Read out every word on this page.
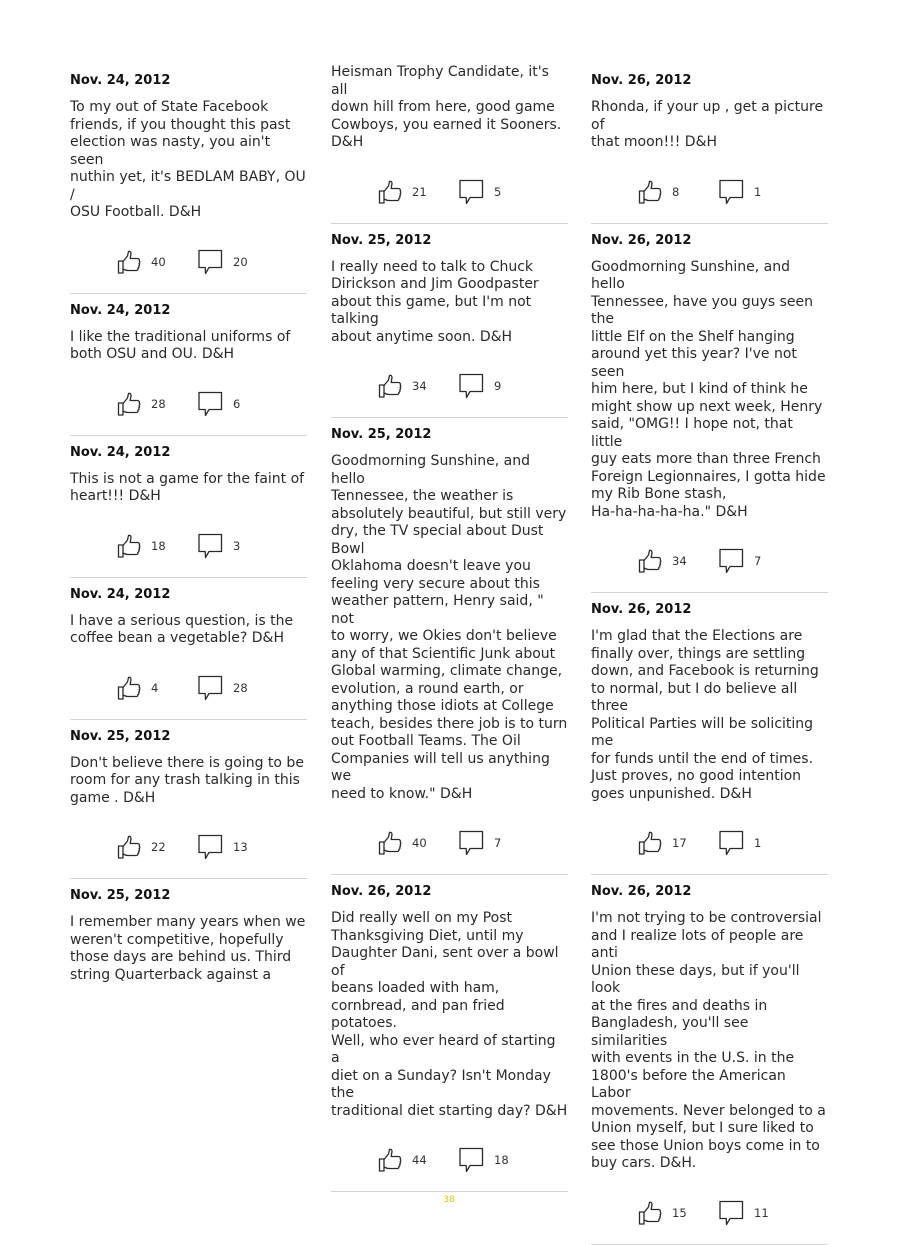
Nov. 24, 2012
To my out of State Facebook
friends, if you thought this past
election was nasty, you ain't seen
nuthin yet, it's BEDLAM BABY, OU /
OSU Football. D&H
40	20
Nov. 24, 2012
I like the traditional uniforms of
both OSU and OU. D&H
28	6
Nov. 24, 2012
This is not a game for the faint of
heart!!! D&H
18	3
Nov. 24, 2012
I have a serious question, is the
coffee bean a vegetable? D&H
4	28
Nov. 25, 2012
Don't believe there is going to be
room for any trash talking in this
game . D&H
22	13
Nov. 25, 2012
I remember many years when we
weren't competitive, hopefully
those days are behind us. Third
string Quarterback against a
Heisman Trophy Candidate, it's all
down hill from here, good game
Cowboys, you earned it Sooners.
D&H
21	5
Nov. 25, 2012
I really need to talk to Chuck
Dirickson and Jim Goodpaster
about this game, but I'm not talking
about anytime soon. D&H
34	9
Nov. 25, 2012
Goodmorning Sunshine, and hello
Tennessee, the weather is
absolutely beautiful, but still very
dry, the TV special about Dust Bowl
Oklahoma doesn't leave you
feeling very secure about this
weather pattern, Henry said, " not
to worry, we Okies don't believe
any of that Scientific Junk about
Global warming, climate change,
evolution, a round earth, or
anything those idiots at College
teach, besides there job is to turn
out Football Teams. The Oil
Companies will tell us anything we
need to know." D&H
40	7
Nov. 26, 2012
Did really well on my Post
Thanksgiving Diet, until my
Daughter Dani, sent over a bowl of
beans loaded with ham,
cornbread, and pan fried potatoes.
Well, who ever heard of starting a
diet on a Sunday? Isn't Monday the
traditional diet starting day? D&H
44	18
Nov. 26, 2012
Rhonda, if your up , get a picture of
that moon!!! D&H
8	1
Nov. 26, 2012
Goodmorning Sunshine, and hello
Tennessee, have you guys seen the
little Elf on the Shelf hanging
around yet this year? I've not seen
him here, but I kind of think he
might show up next week, Henry
said, "OMG!! I hope not, that little
guy eats more than three French
Foreign Legionnaires, I gotta hide
my Rib Bone stash,
Ha-ha-ha-ha-ha." D&H
34	7
Nov. 26, 2012
I'm glad that the Elections are
finally over, things are settling
down, and Facebook is returning
to normal, but I do believe all three
Political Parties will be soliciting me
for funds until the end of times.
Just proves, no good intention
goes unpunished. D&H
17	1
Nov. 26, 2012
I'm not trying to be controversial
and I realize lots of people are anti
Union these days, but if you'll look
at the fires and deaths in
Bangladesh, you'll see similarities
with events in the U.S. in the
1800's before the American Labor
movements. Never belonged to a
Union myself, but I sure liked to
see those Union boys come in to
buy cars. D&H.
15	11
38
